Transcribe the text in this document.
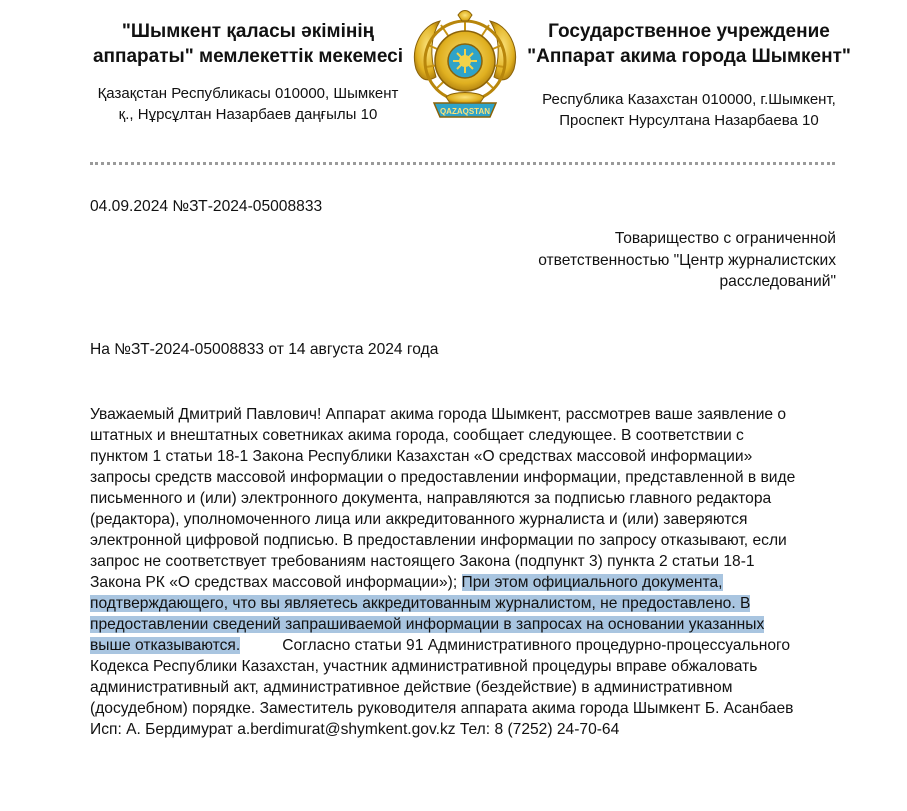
"Шымкент қаласы әкімінің
аппараты" мемлекеттік мекемесі
Қазақстан Республикасы 010000, Шымкент
қ., Нұрсұлтан Назарбаев даңғылы 10	QAZAQSTAN
Государственное учреждение
"Аппарат акима города Шымкент"
Республика Казахстан 010000, г.Шымкент,
Проспект Нурсултана Назарбаева 10
04.09.2024 №ЗТ-2024-05008833
Товарищество с ограниченной
ответственностью "Центр журналистских
расследований"
На №ЗТ-2024-05008833 от 14 августа 2024 года
Уважаемый Дмитрий Павлович! Аппарат акима города Шымкент, рассмотрев ваше заявление о
штатных и внештатных советниках акима города, сообщает следующее. В соответствии с
пунктом 1 статьи 18-1 Закона Республики Казахстан «О средствах массовой информации»
запросы средств массовой информации о предоставлении информации, представленной в виде
письменного и (или) электронного документа, направляются за подписью главного редактора
(редактора), уполномоченного лица или аккредитованного журналиста и (или) заверяются
электронной цифровой подписью. В предоставлении информации по запросу отказывают, если
запрос не соответствует требованиям настоящего Закона (подпункт 3) пункта 2 статьи 18-1
Закона РК «О средствах массовой информации»); При этом официального документа,
подтверждающего, что вы являетесь аккредитованным журналистом, не предоставлено. В
предоставлении сведений запрашиваемой информации в запросах на основании указанных
выше отказываются.	Согласно статьи 91 Административного процедурно-процессуального
Кодекса Республики Казахстан, участник административной процедуры вправе обжаловать
административный акт, административное действие (бездействие) в административном
(досудебном) порядке. Заместитель руководителя аппарата акима города Шымкент Б. Асанбаев
Исп: А. Бердимурат a.berdimurat@shymkent.gov.kz Тел: 8 (7252) 24-70-64
